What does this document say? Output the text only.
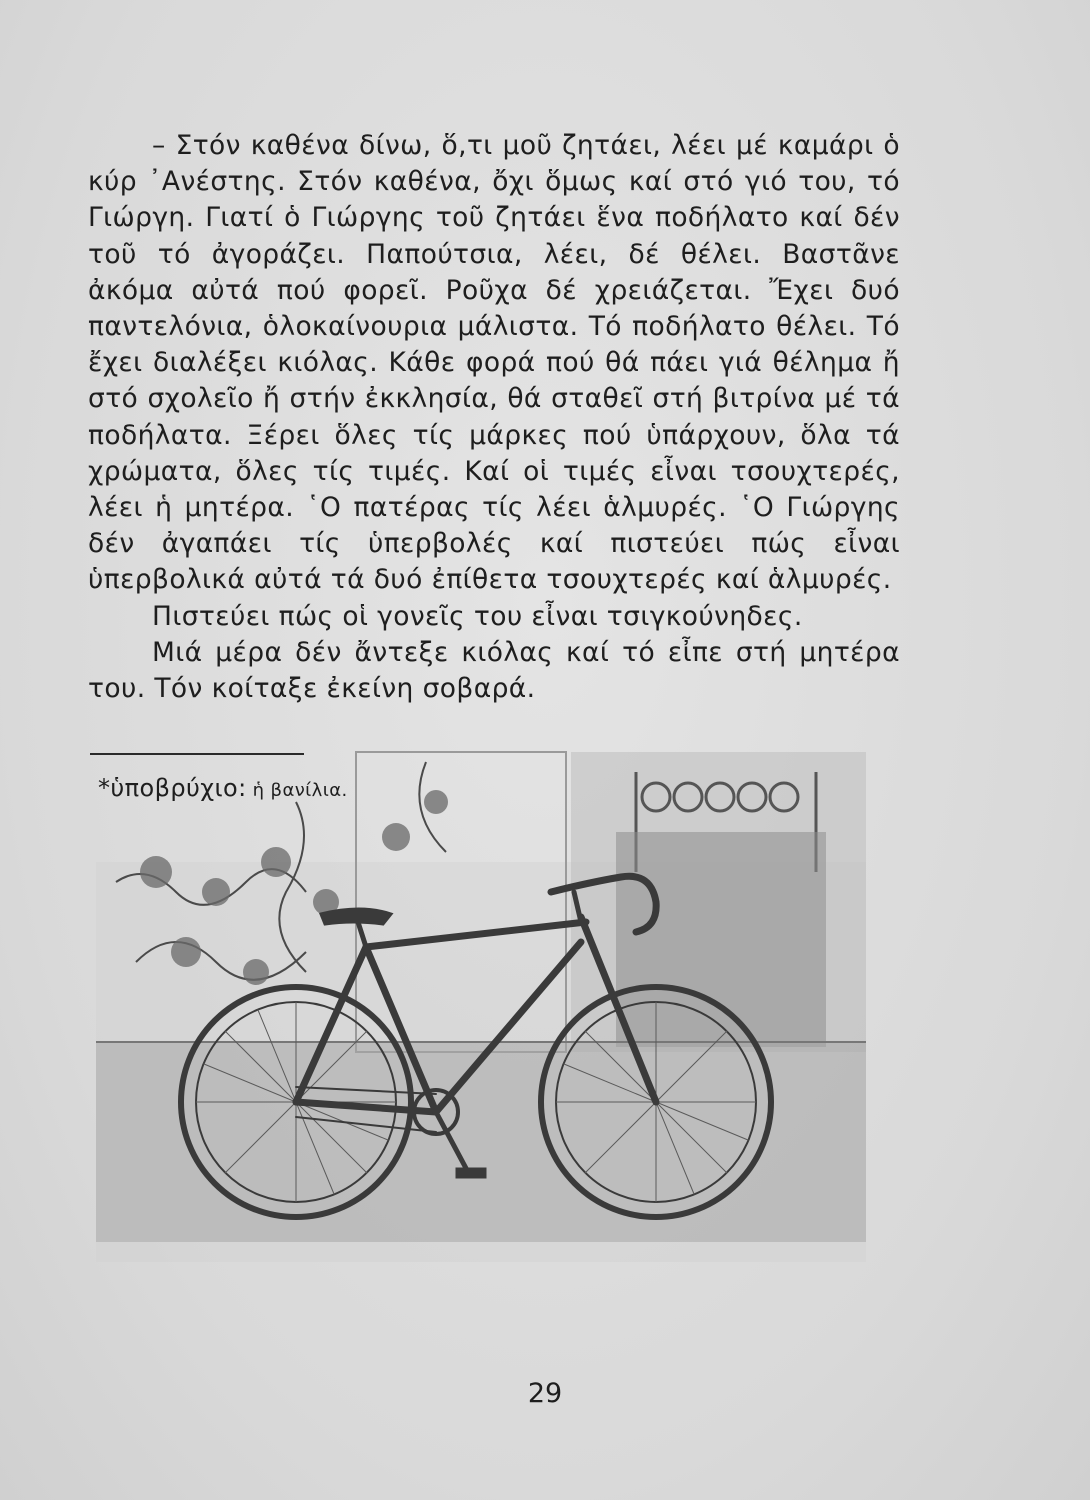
– Στόν καθένα δίνω, ὅ,τι μοῦ ζητάει, λέει μέ καμάρι ὁ κύρ ᾽Ανέστης. Στόν καθένα, ὄχι ὅμως καί στό γιό του, τό Γιώργη. Γιατί ὁ Γιώργης τοῦ ζητάει ἕνα ποδήλατο καί δέν τοῦ τό ἀγοράζει. Παπούτσια, λέει, δέ θέλει. Βαστᾶνε ἀκόμα αὐτά πού φορεῖ. Ροῦχα δέ χρειάζεται. Ἔχει δυό παντελόνια, ὁλοκαίνουρια μάλιστα. Τό ποδήλατο θέλει. Τό ἔχει διαλέξει κιόλας. Κάθε φορά πού θά πάει γιά θέλημα ἤ στό σχολεῖο ἤ στήν ἐκκλησία, θά σταθεῖ στή βιτρίνα μέ τά ποδήλατα. Ξέρει ὅλες τίς μάρκες πού ὑπάρχουν, ὅλα τά χρώματα, ὅλες τίς τιμές. Καί οἱ τιμές εἶναι τσουχτερές, λέει ἡ μητέρα. ῾Ο πατέρας τίς λέει ἁλμυρές. ῾Ο Γιώργης δέν ἀγαπάει τίς ὑπερβολές καί πιστεύει πώς εἶναι ὑπερβολικά αὐτά τά δυό ἐπίθετα τσουχτερές καί ἁλμυρές.

Πιστεύει πώς οἱ γονεῖς του εἶναι τσιγκούνηδες.

Μιά μέρα δέν ἄντεξε κιόλας καί τό εἶπε στή μητέρα του. Τόν κοίταξε ἐκείνη σοβαρά.

*ὑποβρύχιο: ἡ βανίλια.
29
